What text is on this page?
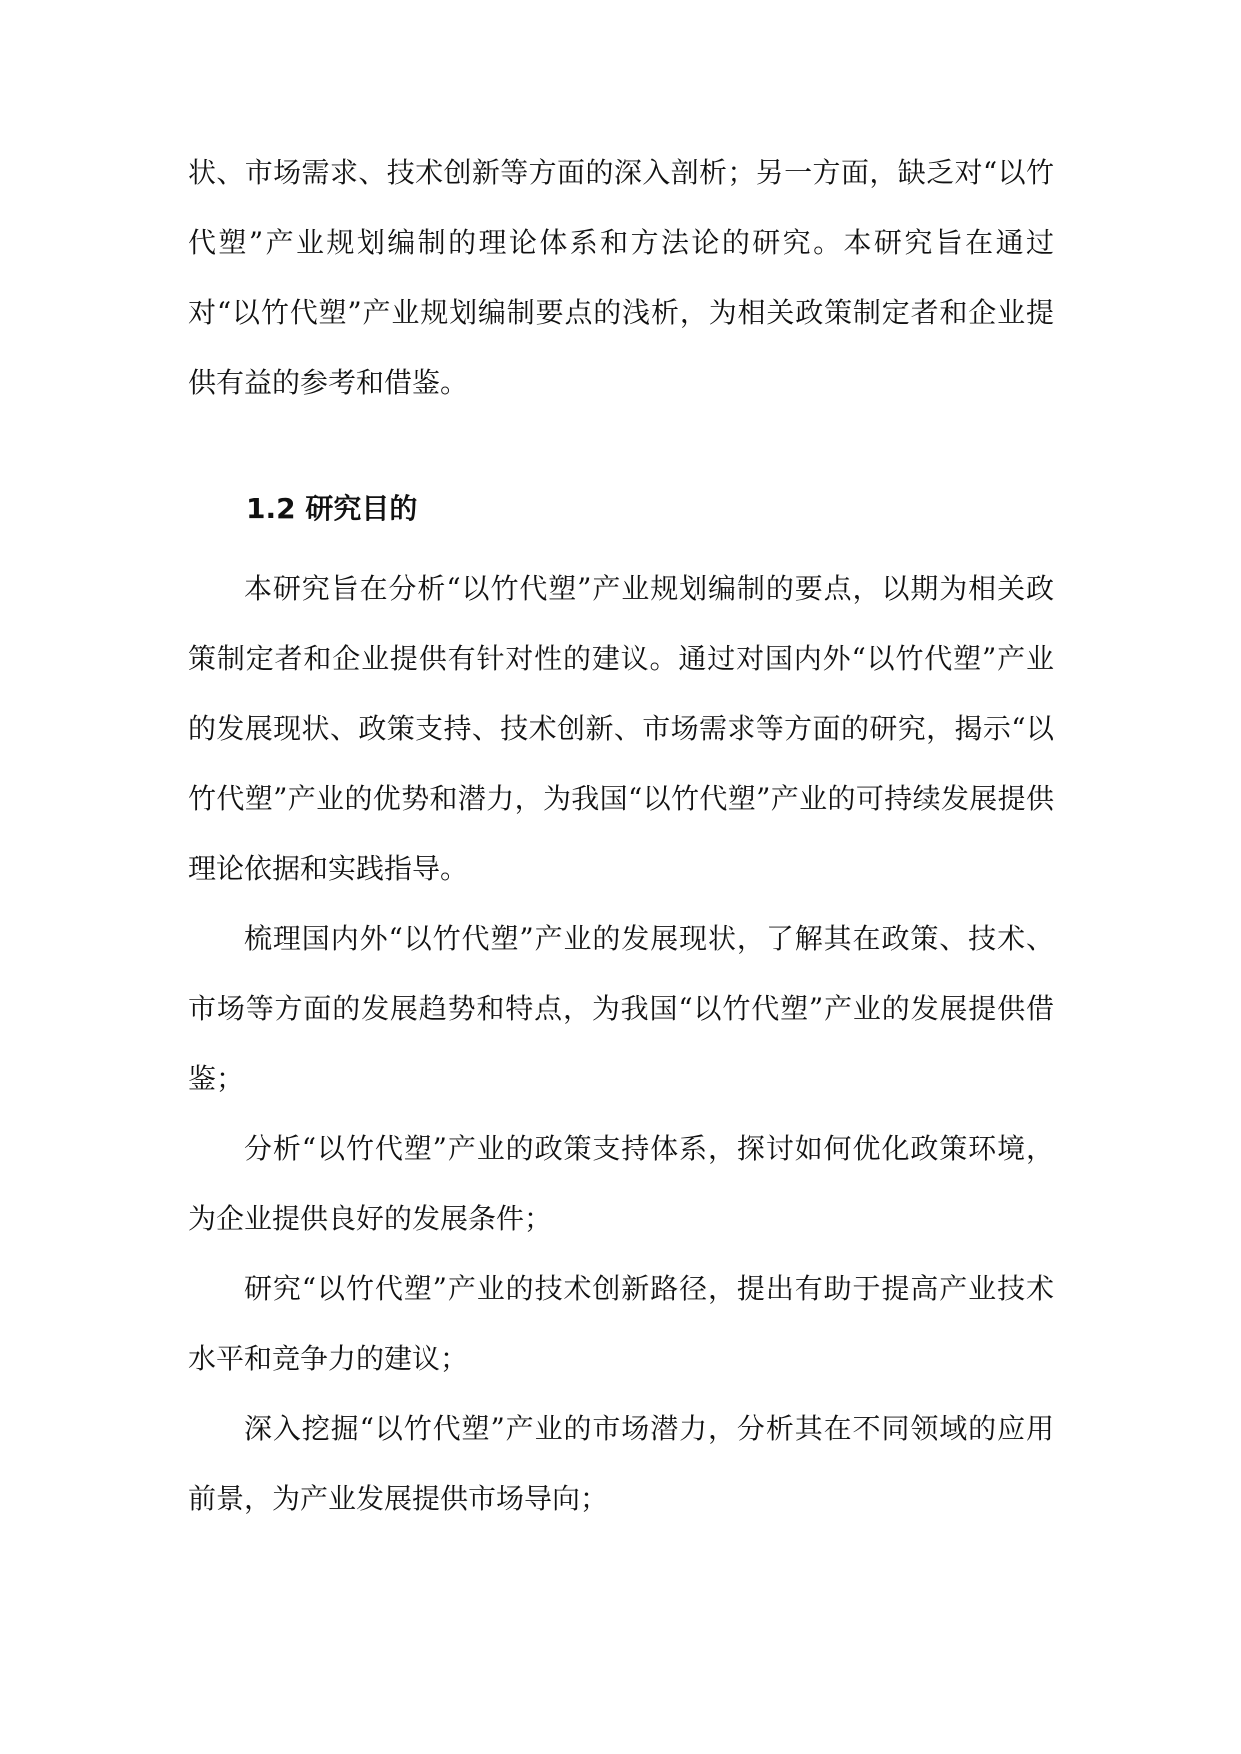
状、市场需求、技术创新等方面的深入剖析；另一方面，缺乏对“以竹代塑”产业规划编制的理论体系和方法论的研究。本研究旨在通过对“以竹代塑”产业规划编制要点的浅析，为相关政策制定者和企业提供有益的参考和借鉴。

1.2 研究目的

本研究旨在分析“以竹代塑”产业规划编制的要点，以期为相关政策制定者和企业提供有针对性的建议。通过对国内外“以竹代塑”产业的发展现状、政策支持、技术创新、市场需求等方面的研究，揭示“以竹代塑”产业的优势和潜力，为我国“以竹代塑”产业的可持续发展提供理论依据和实践指导。

梳理国内外“以竹代塑”产业的发展现状，了解其在政策、技术、市场等方面的发展趋势和特点，为我国“以竹代塑”产业的发展提供借鉴；

分析“以竹代塑”产业的政策支持体系，探讨如何优化政策环境，为企业提供良好的发展条件；

研究“以竹代塑”产业的技术创新路径，提出有助于提高产业技术水平和竞争力的建议；

深入挖掘“以竹代塑”产业的市场潜力，分析其在不同领域的应用前景，为产业发展提供市场导向；
